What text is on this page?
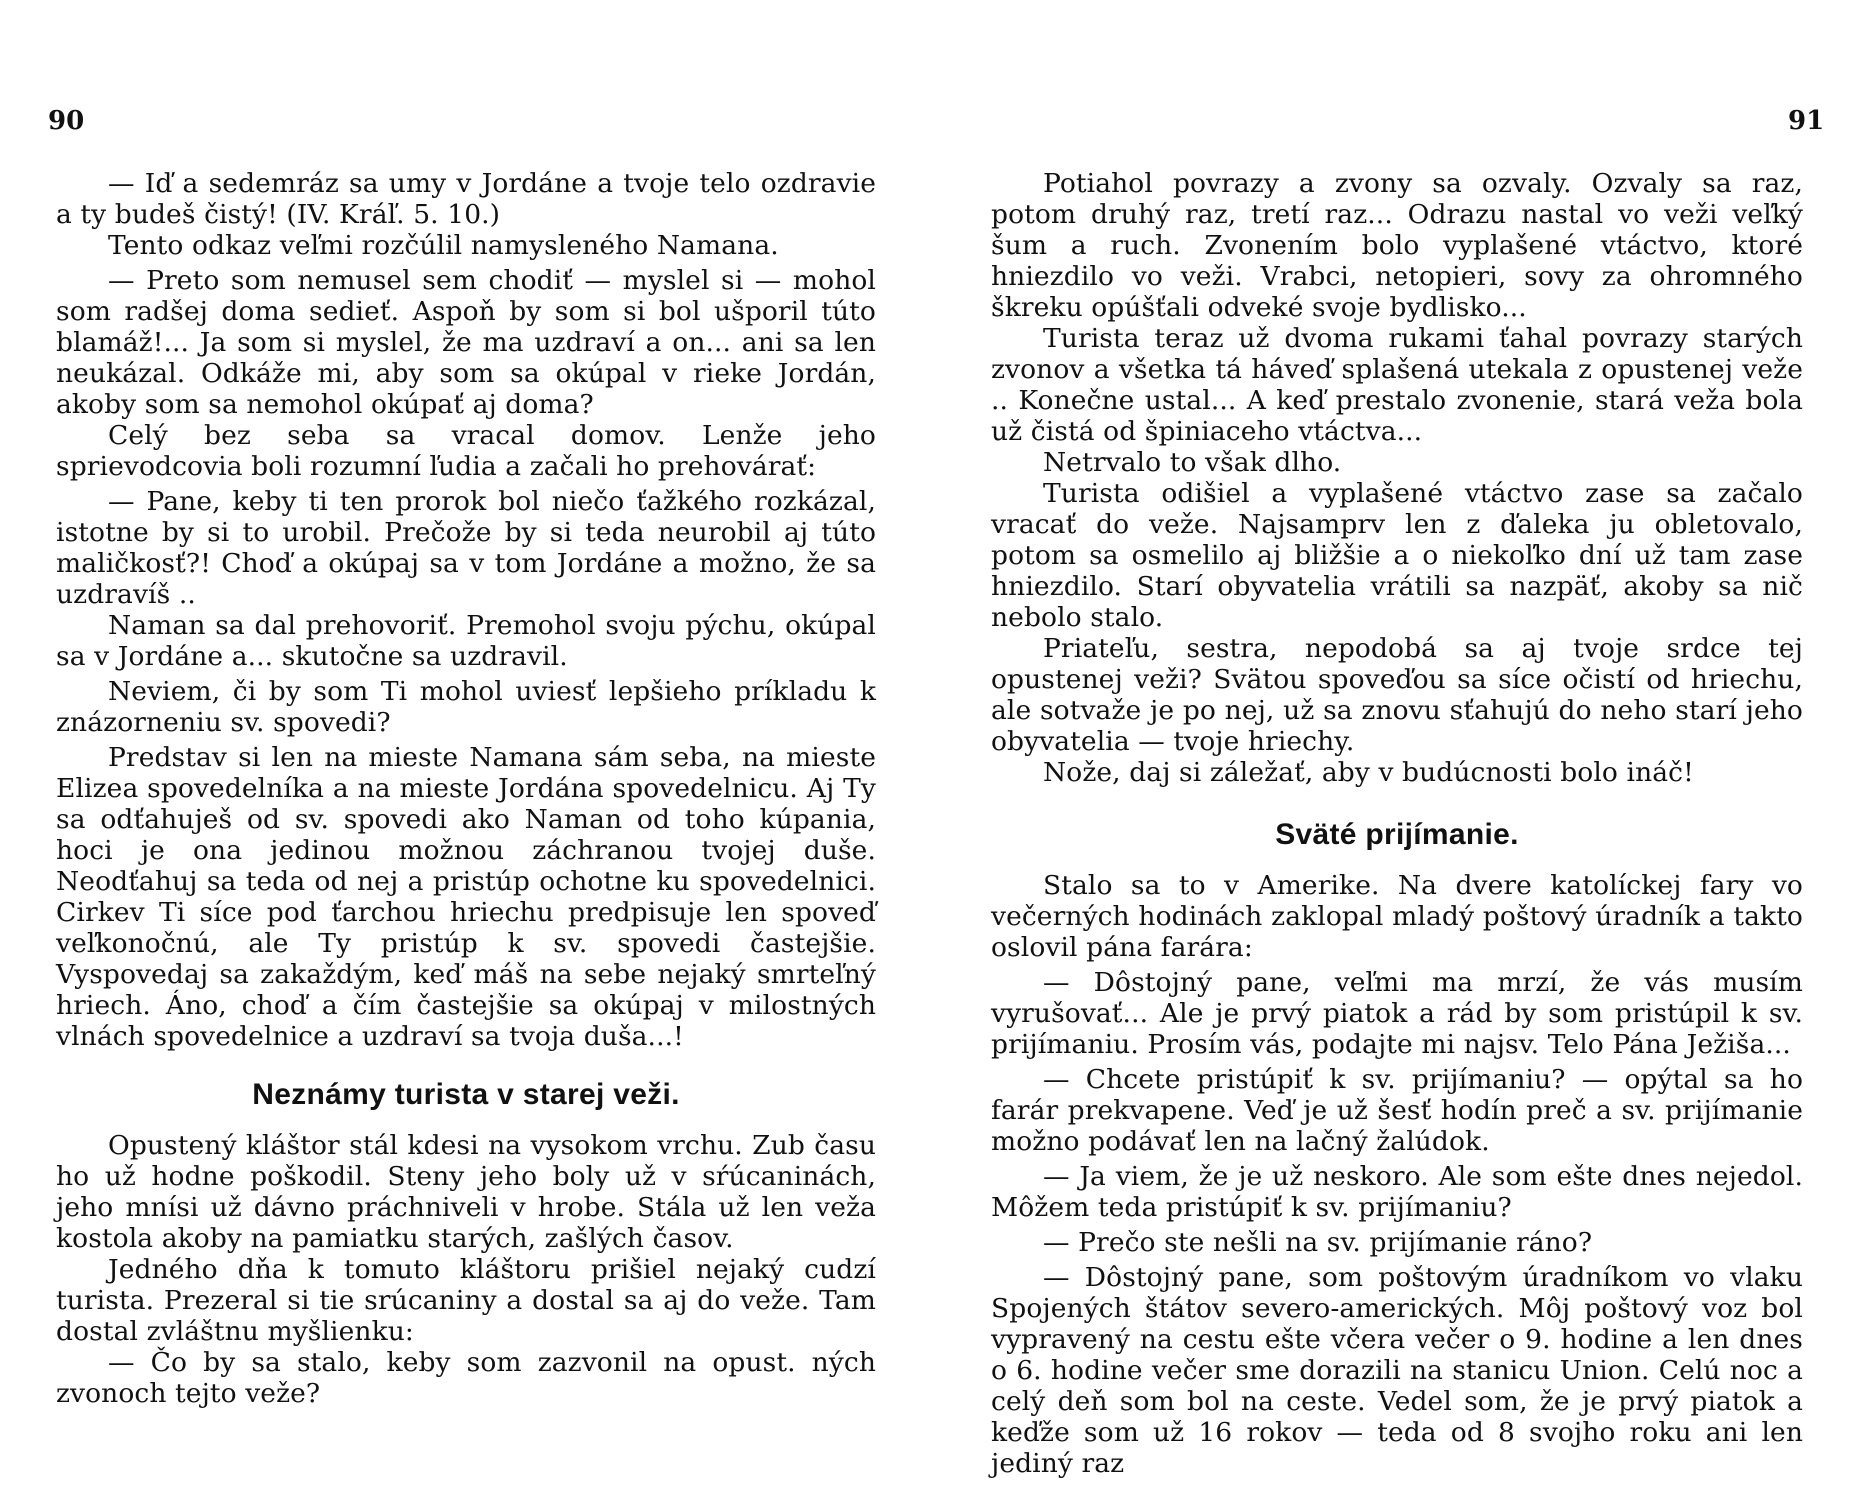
90

— Iď a sedemráz sa umy v Jordáne a tvoje telo ozdravie a ty budeš čistý! (IV. Kráľ. 5. 10.)

Tento odkaz veľmi rozčúlil namysleného Namana.

— Preto som nemusel sem chodiť — myslel si — mohol som radšej doma sedieť. Aspoň by som si bol ušporil túto blamáž!... Ja som si myslel, že ma uzdraví a on... ani sa len neukázal. Odkáže mi, aby som sa okúpal v rieke Jordán, akoby som sa nemohol okúpať aj doma?

Celý bez seba sa vracal domov. Lenže jeho sprievodcovia boli rozumní ľudia a začali ho prehovárať:

— Pane, keby ti ten prorok bol niečo ťažkého rozkázal, istotne by si to urobil. Prečože by si teda neurobil aj túto maličkosť?! Choď a okúpaj sa v tom Jordáne a možno, že sa uzdravíš ..

Naman sa dal prehovoriť. Premohol svoju pýchu, okúpal sa v Jordáne a... skutočne sa uzdravil.

Neviem, či by som Ti mohol uviesť lepšieho príkladu k znázorneniu sv. spovedi?

Predstav si len na mieste Namana sám seba, na mieste Elizea spovedelníka a na mieste Jordána spovedelnicu. Aj Ty sa odťahuješ od sv. spovedi ako Naman od toho kúpania, hoci je ona jedinou možnou záchranou tvojej duše. Neodťahuj sa teda od nej a pristúp ochotne ku spovedelnici. Cirkev Ti síce pod ťarchou hriechu predpisuje len spoveď veľkonočnú, ale Ty pristúp k sv. spovedi častejšie. Vyspovedaj sa zakaždým, keď máš na sebe nejaký smrteľný hriech. Áno, choď a čím častejšie sa okúpaj v milostných vlnách spovedelnice a uzdraví sa tvoja duša...!

Neznámy turista v starej veži.

Opustený kláštor stál kdesi na vysokom vrchu. Zub času ho už hodne poškodil. Steny jeho boly už v sŕúcaninách, jeho mnísi už dávno práchniveli v hrobe. Stála už len veža kostola akoby na pamiatku starých, zašlých časov.

Jedného dňa k tomuto kláštoru prišiel nejaký cudzí turista. Prezeral si tie srúcaniny a dostal sa aj do veže. Tam dostal zvláštnu myšlienku:

— Čo by sa stalo, keby som zazvonil na opust. ných zvonoch tejto veže?

91

Potiahol povrazy a zvony sa ozvaly. Ozvaly sa raz, potom druhý raz, tretí raz... Odrazu nastal vo veži veľký šum a ruch. Zvonením bolo vyplašené vtáctvo, ktoré hniezdilo vo veži. Vrabci, netopieri, sovy za ohromného škreku opúšťali odveké svoje bydlisko...

Turista teraz už dvoma rukami ťahal povrazy starých zvonov a všetka tá háveď splašená utekala z opustenej veže .. Konečne ustal... A keď prestalo zvonenie, stará veža bola už čistá od špiniaceho vtáctva...

Netrvalo to však dlho.

Turista odišiel a vyplašené vtáctvo zase sa začalo vracať do veže. Najsamprv len z ďaleka ju obletovalo, potom sa osmelilo aj bližšie a o niekoľko dní už tam zase hniezdilo. Starí obyvatelia vrátili sa nazpäť, akoby sa nič nebolo stalo.

Priateľu, sestra, nepodobá sa aj tvoje srdce tej opustenej veži? Svätou spoveďou sa síce očistí od hriechu, ale sotvaže je po nej, už sa znovu sťahujú do neho starí jeho obyvatelia — tvoje hriechy.

Nože, daj si záležať, aby v budúcnosti bolo ináč!

Sväté prijímanie.

Stalo sa to v Amerike. Na dvere katolíckej fary vo večerných hodinách zaklopal mladý poštový úradník a takto oslovil pána farára:

— Dôstojný pane, veľmi ma mrzí, že vás musím vyrušovať... Ale je prvý piatok a rád by som pristúpil k sv. prijímaniu. Prosím vás, podajte mi najsv. Telo Pána Ježiša...

— Chcete pristúpiť k sv. prijímaniu? — opýtal sa ho farár prekvapene. Veď je už šesť hodín preč a sv. prijímanie možno podávať len na lačný žalúdok.

— Ja viem, že je už neskoro. Ale som ešte dnes nejedol. Môžem teda pristúpiť k sv. prijímaniu?

— Prečo ste nešli na sv. prijímanie ráno?

— Dôstojný pane, som poštovým úradníkom vo vlaku Spojených štátov severo-amerických. Môj poštový voz bol vypravený na cestu ešte včera večer o 9. hodine a len dnes o 6. hodine večer sme dorazili na stanicu Union. Celú noc a celý deň som bol na ceste. Vedel som, že je prvý piatok a keďže som už 16 rokov — teda od 8 svojho roku ani len jediný raz
